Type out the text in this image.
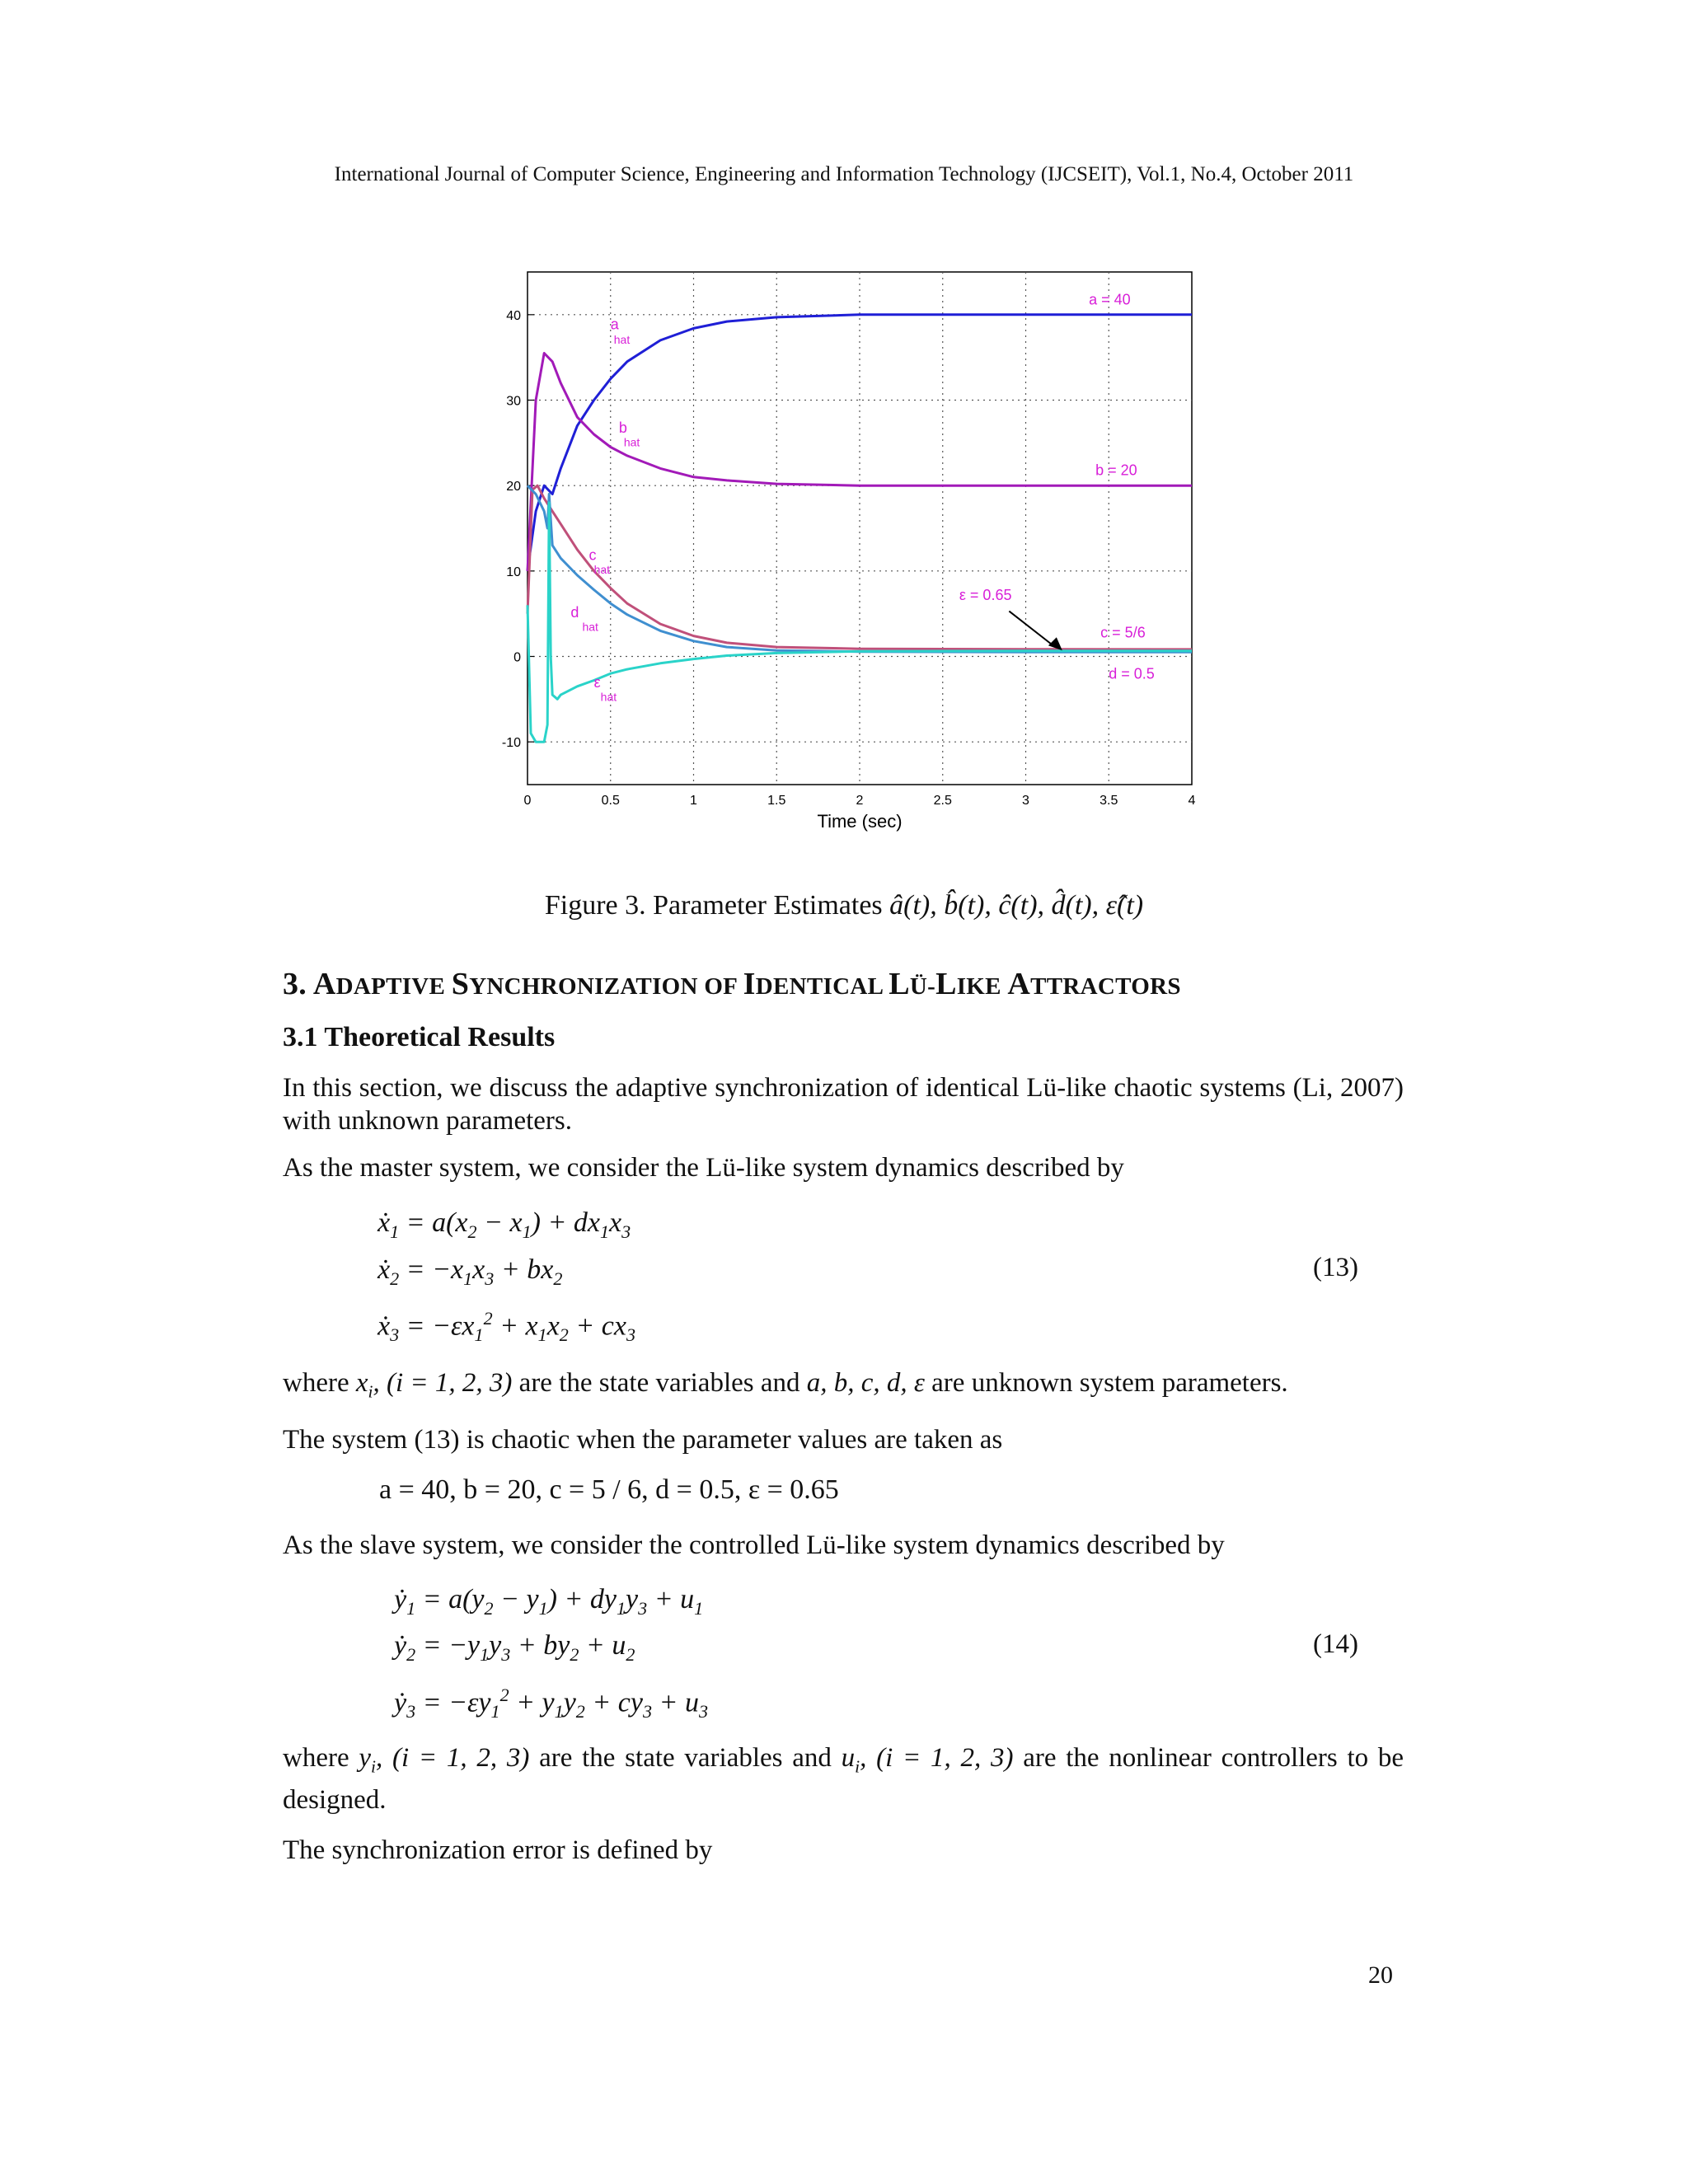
International Journal of Computer Science, Engineering and Information Technology (IJCSEIT), Vol.1, No.4, October 2011
0	0.5	1	1.5	2	2.5	3	3.5	4
40
30
20
10
0
-10
Time (sec)
a = 40
b = 20
c = 5/6
d = 0.5
ε = 0.65
a
hat
b
hat
c
hat
d
hat
ε
hat
Figure 3. Parameter Estimates â(t), b̂(t), ĉ(t), d̂(t), ε̂(t)
3. ADAPTIVE SYNCHRONIZATION OF IDENTICAL LÜ-LIKE ATTRACTORS
3.1 Theoretical Results
In this section, we discuss the adaptive synchronization of identical Lü-like chaotic systems (Li, 2007) with unknown parameters.
As the master system, we consider the Lü-like system dynamics described by
ẋ$_1$ = $a(x_2 - x_1) + dx_1x_3$
ẋ$_2$ = $-x_1x_3 + bx_2$
ẋ$_3$ = $-\varepsilon x_1^2 + x_1x_2 + cx_3$
(13)
where $x_i$, (i = 1, 2, 3) are the state variables and a, b, c, d, ε are unknown system parameters.
The system (13) is chaotic when the parameter values are taken as
a = 40, b = 20, c = 5 / 6, d = 0.5, ε = 0.65
As the slave system, we consider the controlled Lü-like system dynamics described by
ẏ$_1$ = $a(y_2 - y_1) + dy_1y_3 + u_1$
ẏ$_2$ = $-y_1y_3 + by_2 + u_2$
ẏ$_3$ = $-\varepsilon y_1^2 + y_1y_2 + cy_3 + u_3$
(14)
where $y_i$, (i = 1, 2, 3) are the state variables and $u_i$, (i = 1, 2, 3) are the nonlinear controllers to be designed.
The synchronization error is defined by
20
